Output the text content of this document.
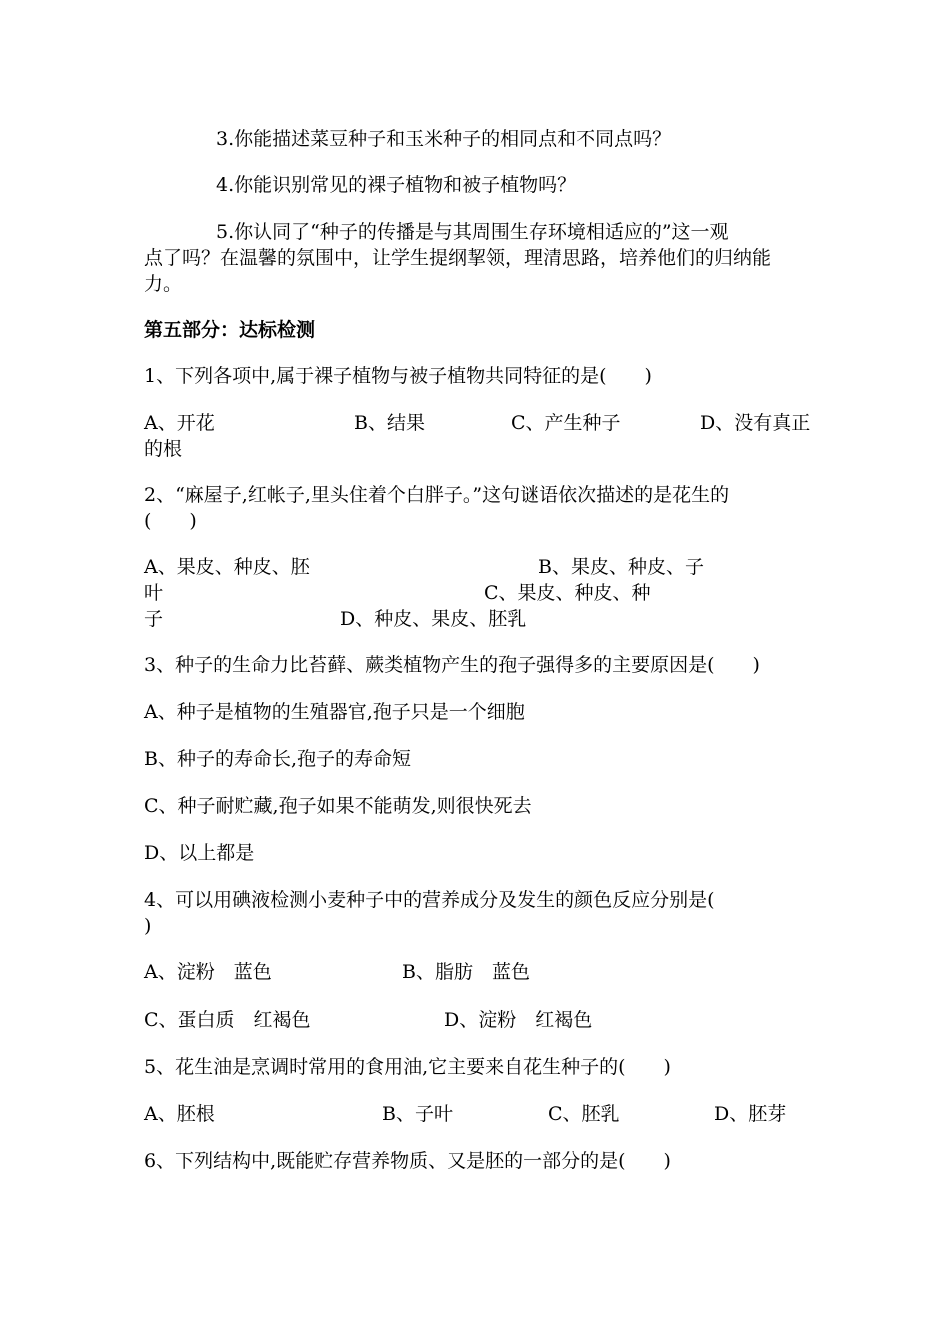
3.你能描述菜豆种子和玉米种子的相同点和不同点吗？
4.你能识别常见的裸子植物和被子植物吗？
5.你认同了“种子的传播是与其周围生存环境相适应的”这一观
点了吗？在温馨的氛围中，让学生提纲挈领，理清思路，培养他们的归纳能
力。
第五部分：达标检测
1、下列各项中,属于裸子植物与被子植物共同特征的是(　　)
A、开花	B、结果	C、产生种子	D、没有真正
的根
2、“麻屋子,红帐子,里头住着个白胖子。”这句谜语依次描述的是花生的
(　　)
A、果皮、种皮、胚	B、果皮、种皮、子
叶	C、果皮、种皮、种
子	D、种皮、果皮、胚乳
3、种子的生命力比苔藓、蕨类植物产生的孢子强得多的主要原因是(　　)
A、种子是植物的生殖器官,孢子只是一个细胞
B、种子的寿命长,孢子的寿命短
C、种子耐贮藏,孢子如果不能萌发,则很快死去
D、以上都是
4、可以用碘液检测小麦种子中的营养成分及发生的颜色反应分别是(
)
A、淀粉　蓝色	B、脂肪　蓝色
C、蛋白质　红褐色	D、淀粉　红褐色
5、花生油是烹调时常用的食用油,它主要来自花生种子的(　　)
A、胚根	B、子叶	C、胚乳	D、胚芽
6、下列结构中,既能贮存营养物质、又是胚的一部分的是(　　)
